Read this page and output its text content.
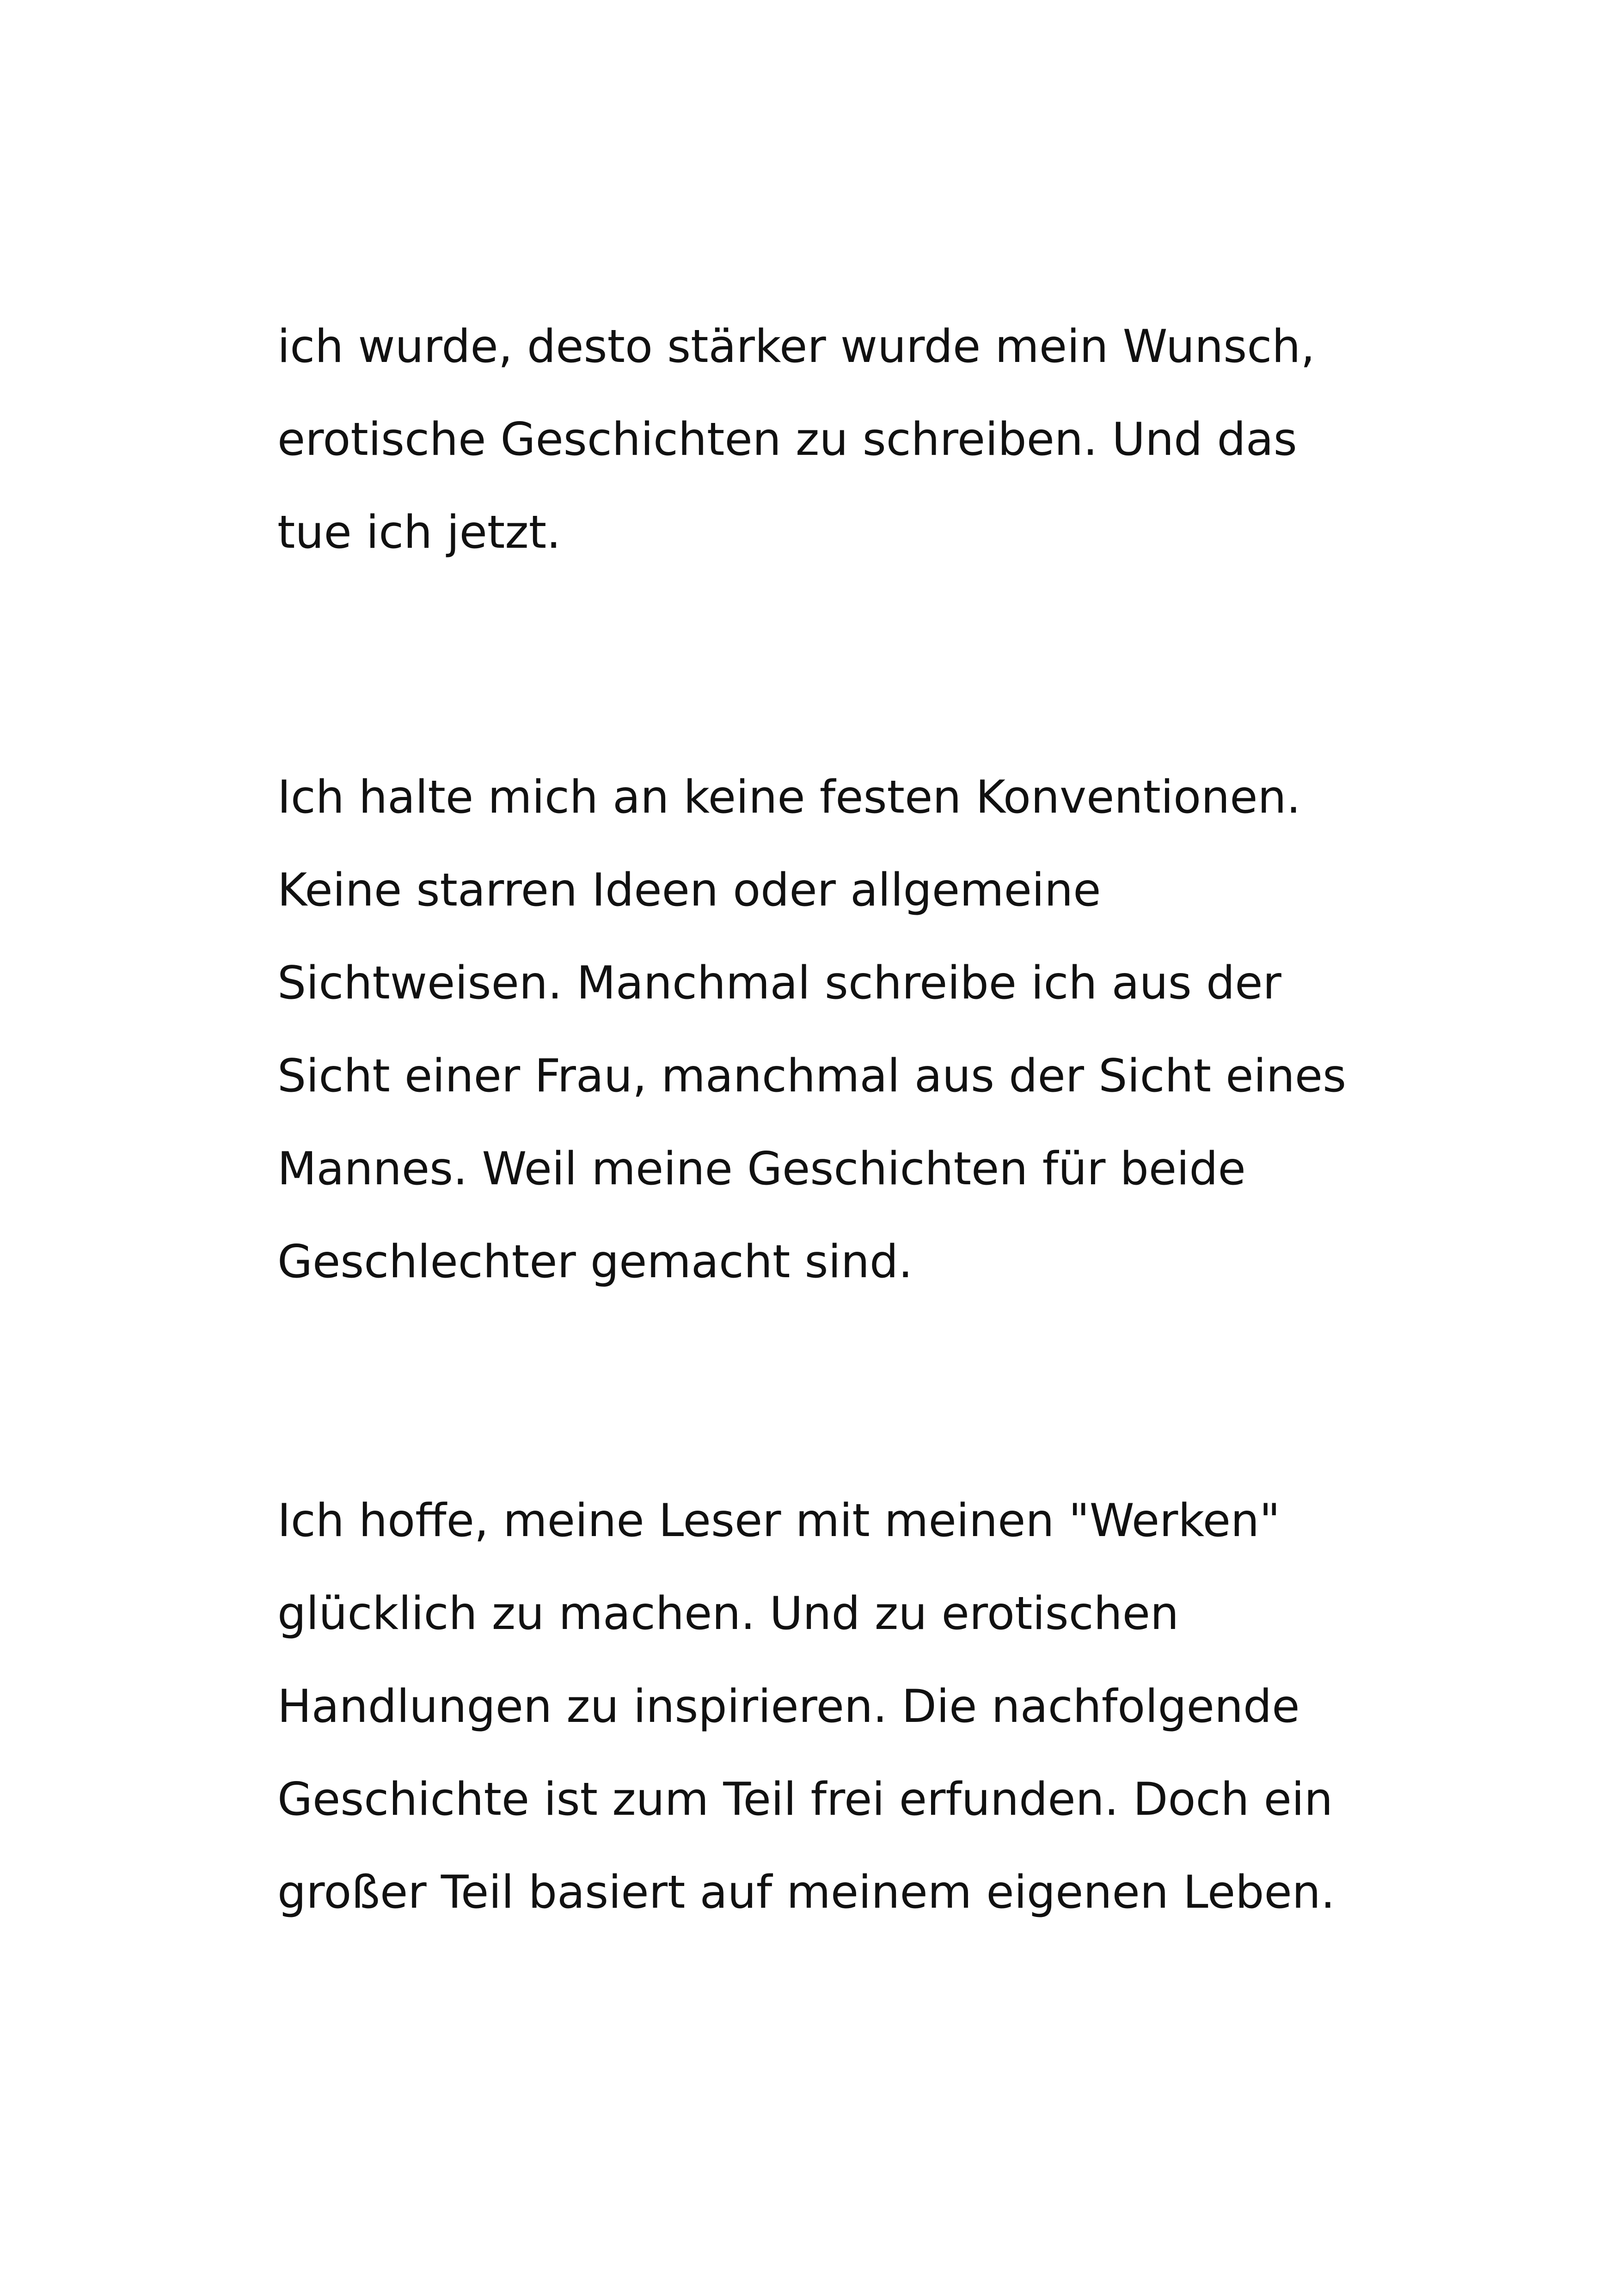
ich wurde, desto stärker wurde mein Wunsch,
erotische Geschichten zu schreiben. Und das
tue ich jetzt.
Ich halte mich an keine festen Konventionen.
Keine starren Ideen oder allgemeine
Sichtweisen. Manchmal schreibe ich aus der
Sicht einer Frau, manchmal aus der Sicht eines
Mannes. Weil meine Geschichten für beide
Geschlechter gemacht sind.
Ich hoffe, meine Leser mit meinen "Werken"
glücklich zu machen. Und zu erotischen
Handlungen zu inspirieren. Die nachfolgende
Geschichte ist zum Teil frei erfunden. Doch ein
großer Teil basiert auf meinem eigenen Leben.
